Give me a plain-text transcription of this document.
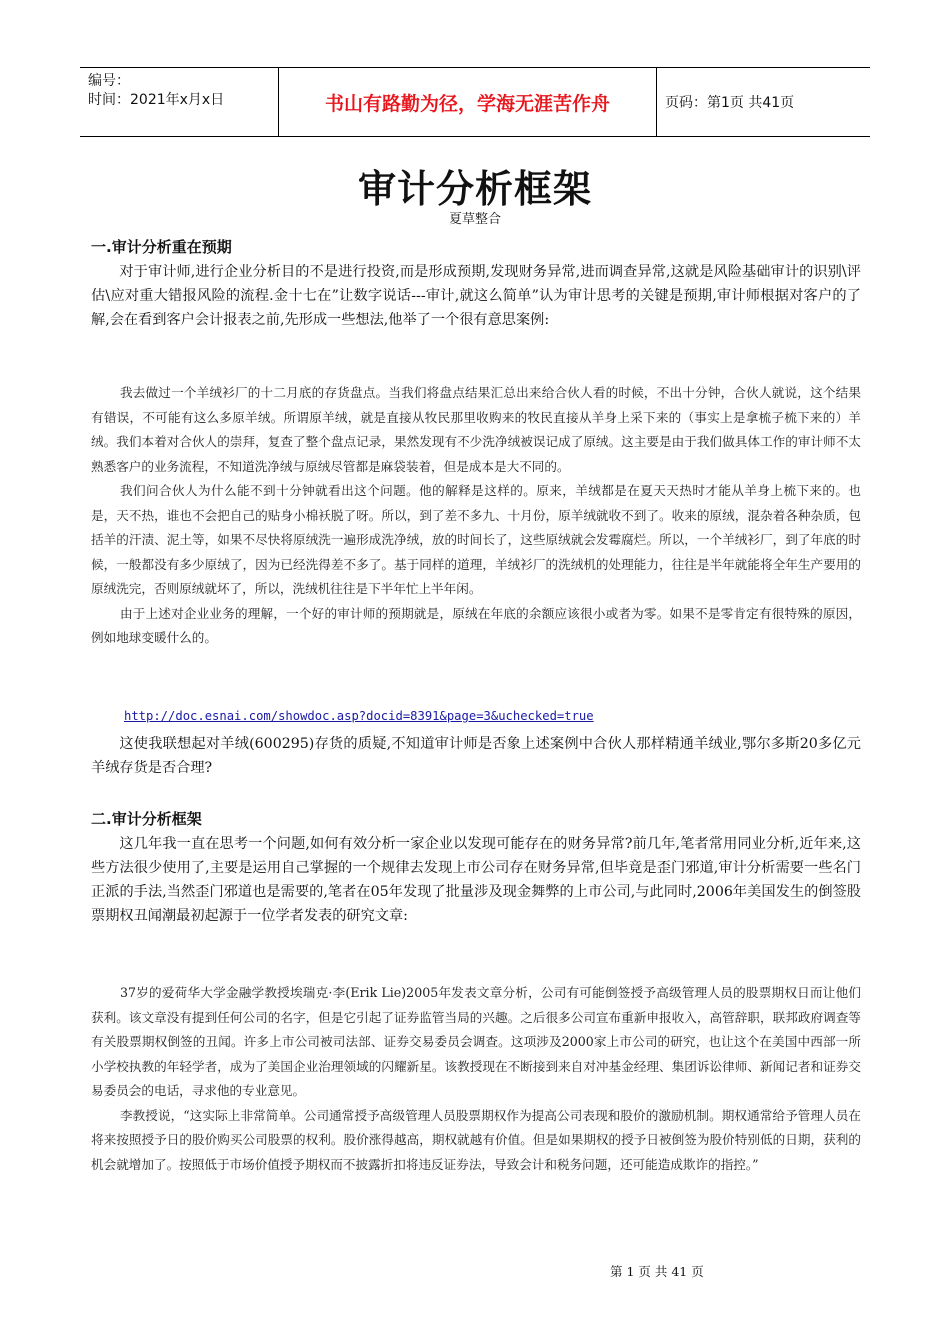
编号：
时间：2021年x月x日	书山有路勤为径，学海无涯苦作舟	页码：第1页 共41页
审计分析框架
夏草整合
一.审计分析重在预期

对于审计师,进行企业分析目的不是进行投资,而是形成预期,发现财务异常,进而调查异常,这就是风险基础审计的识别\评估\应对重大错报风险的流程.金十七在”让数字说话---审计,就这么简单”认为审计思考的关键是预期,审计师根据对客户的了解,会在看到客户会计报表之前,先形成一些想法,他举了一个很有意思案例:

我去做过一个羊绒衫厂的十二月底的存货盘点。当我们将盘点结果汇总出来给合伙人看的时候，不出十分钟，合伙人就说，这个结果有错误，不可能有这么多原羊绒。所谓原羊绒，就是直接从牧民那里收购来的牧民直接从羊身上采下来的（事实上是拿梳子梳下来的）羊绒。我们本着对合伙人的崇拜，复查了整个盘点记录，果然发现有不少洗净绒被误记成了原绒。这主要是由于我们做具体工作的审计师不太熟悉客户的业务流程，不知道洗净绒与原绒尽管都是麻袋装着，但是成本是大不同的。

我们问合伙人为什么能不到十分钟就看出这个问题。他的解释是这样的。原来，羊绒都是在夏天天热时才能从羊身上梳下来的。也是，天不热，谁也不会把自己的贴身小棉袄脱了呀。所以，到了差不多九、十月份，原羊绒就收不到了。收来的原绒，混杂着各种杂质，包括羊的汗渍、泥土等，如果不尽快将原绒洗一遍形成洗净绒，放的时间长了，这些原绒就会发霉腐烂。所以，一个羊绒衫厂，到了年底的时候，一般都没有多少原绒了，因为已经洗得差不多了。基于同样的道理，羊绒衫厂的洗绒机的处理能力，往往是半年就能将全年生产要用的原绒洗完，否则原绒就坏了，所以，洗绒机往往是下半年忙上半年闲。

由于上述对企业业务的理解，一个好的审计师的预期就是，原绒在年底的余额应该很小或者为零。如果不是零肯定有很特殊的原因，例如地球变暖什么的。

http://doc.esnai.com/showdoc.asp?docid=8391&page=3&uchecked=true

这使我联想起对羊绒(600295)存货的质疑,不知道审计师是否象上述案例中合伙人那样精通羊绒业,鄂尔多斯20多亿元羊绒存货是否合理?

二.审计分析框架

这几年我一直在思考一个问题,如何有效分析一家企业以发现可能存在的财务异常?前几年,笔者常用同业分析,近年来,这些方法很少使用了,主要是运用自己掌握的一个规律去发现上市公司存在财务异常,但毕竟是歪门邪道,审计分析需要一些名门正派的手法,当然歪门邪道也是需要的,笔者在05年发现了批量涉及现金舞弊的上市公司,与此同时,2006年美国发生的倒签股票期权丑闻潮最初起源于一位学者发表的研究文章:

37岁的爱荷华大学金融学教授埃瑞克·李(Erik Lie)2005年发表文章分析，公司有可能倒签授予高级管理人员的股票期权日而让他们获利。该文章没有提到任何公司的名字，但是它引起了证券监管当局的兴趣。之后很多公司宣布重新申报收入，高管辞职，联邦政府调查等有关股票期权倒签的丑闻。许多上市公司被司法部、证券交易委员会调查。这项涉及2000家上市公司的研究，也让这个在美国中西部一所小学校执教的年轻学者，成为了美国企业治理领域的闪耀新星。该教授现在不断接到来自对冲基金经理、集团诉讼律师、新闻记者和证券交易委员会的电话，寻求他的专业意见。

李教授说，“这实际上非常简单。公司通常授予高级管理人员股票期权作为提高公司表现和股价的激励机制。期权通常给予管理人员在将来按照授予日的股价购买公司股票的权利。股价涨得越高，期权就越有价值。但是如果期权的授予日被倒签为股价特别低的日期，获利的机会就增加了。按照低于市场价值授予期权而不披露折扣将违反证券法，导致会计和税务问题，还可能造成欺诈的指控。”

第 1 页 共 41 页
